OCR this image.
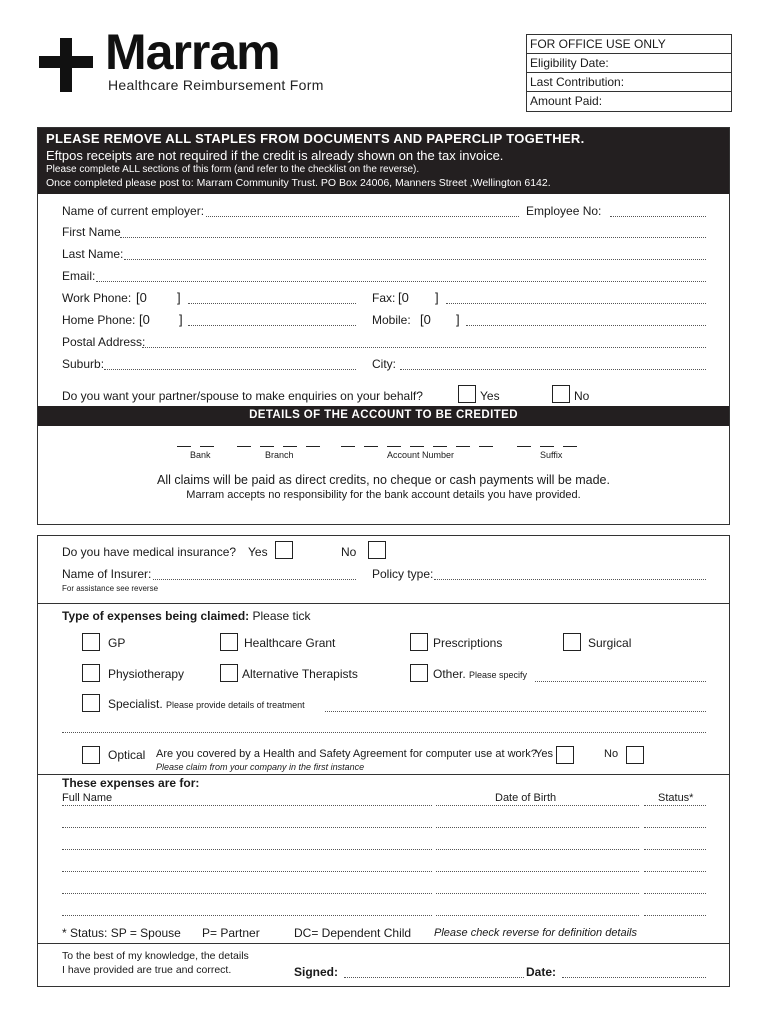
Marram
Healthcare Reimbursement Form
FOR OFFICE USE ONLY
Eligibility Date:
Last Contribution:
Amount Paid:
PLEASE REMOVE ALL STAPLES FROM DOCUMENTS AND PAPERCLIP TOGETHER.
Eftpos receipts are not required if the credit is already shown on the tax invoice.
Please complete ALL sections of this form (and refer to the checklist on the reverse).
Once completed please post to: Marram Community Trust. PO Box 24006, Manners Street ,Wellington 6142.
Name of current employer:	Employee No:
First Name
Last Name:
Email:
Work Phone: [0 ]	Fax: [0 ]
Home Phone: [0 ]	Mobile: [0 ]
Postal Address:
Suburb:	City:
Do you want your partner/spouse to make enquiries on your behalf?	Yes	No
DETAILS OF THE ACCOUNT TO BE CREDITED
Bank	Branch	Account Number	Suffix
All claims will be paid as direct credits, no cheque or cash payments will be made.
Marram accepts no responsibility for the bank account details you have provided.
Do you have medical insurance? Yes	No
Name of Insurer:
For assistance see reverse
Policy type:
Type of expenses being claimed: Please tick
GP	Healthcare Grant	Prescriptions	Surgical
Physiotherapy	Alternative Therapists	Other. Please specify
Specialist. Please provide details of treatment
Optical Are you covered by a Health and Safety Agreement for computer use at work?
Yes	No
Please claim from your company in the first instance
These expenses are for:
Full Name	Date of Birth	Status*
* Status: SP = Spouse P= Partner	DC= Dependent Child Please check reverse for definition details
To the best of my knowledge, the details
I have provided are true and correct.	Signed:	Date:
